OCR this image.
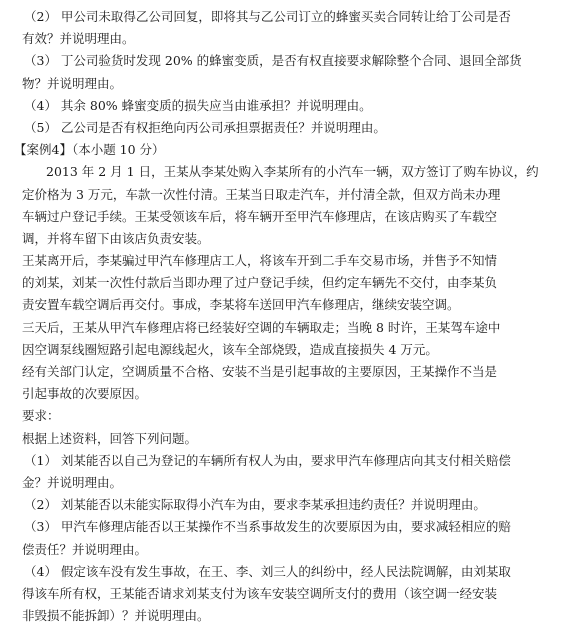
（2） 甲公司未取得乙公司回复，即将其与乙公司订立的蜂蜜买卖合同转让给丁公司是否
有效？并说明理由。
（3） 丁公司验货时发现 20% 的蜂蜜变质，是否有权直接要求解除整个合同、退回全部货
物？并说明理由。
（4） 其余 80% 蜂蜜变质的损失应当由谁承担？并说明理由。
（5） 乙公司是否有权拒绝向丙公司承担票据责任？并说明理由。
【案例4】（本小题 10 分）
2013 年 2 月 1 日，王某从李某处购入李某所有的小汽车一辆，双方签订了购车协议，约
定价格为 3 万元，车款一次性付清。王某当日取走汽车，并付清全款，但双方尚未办理
车辆过户登记手续。王某受领该车后，将车辆开至甲汽车修理店，在该店购买了车载空
调，并将车留下由该店负责安装。
王某离开后，李某骗过甲汽车修理店工人，将该车开到二手车交易市场，并售予不知情
的刘某，刘某一次性付款后当即办理了过户登记手续，但约定车辆先不交付，由李某负
责安置车载空调后再交付。事成，李某将车送回甲汽车修理店，继续安装空调。
三天后，王某从甲汽车修理店将已经装好空调的车辆取走；当晚 8 时许，王某驾车途中
因空调泵线圈短路引起电源线起火，该车全部烧毁，造成直接损失 4 万元。
经有关部门认定，空调质量不合格、安装不当是引起事故的主要原因，王某操作不当是
引起事故的次要原因。
要求：
根据上述资料，回答下列问题。
（1） 刘某能否以自己为登记的车辆所有权人为由，要求甲汽车修理店向其支付相关赔偿
金？并说明理由。
（2） 刘某能否以未能实际取得小汽车为由，要求李某承担违约责任？并说明理由。
（3） 甲汽车修理店能否以王某操作不当系事故发生的次要原因为由，要求减轻相应的赔
偿责任？并说明理由。
（4） 假定该车没有发生事故，在王、李、刘三人的纠纷中，经人民法院调解，由刘某取
得该车所有权，王某能否请求刘某支付为该车安装空调所支付的费用（该空调一经安装
非毁损不能拆卸）？并说明理由。
